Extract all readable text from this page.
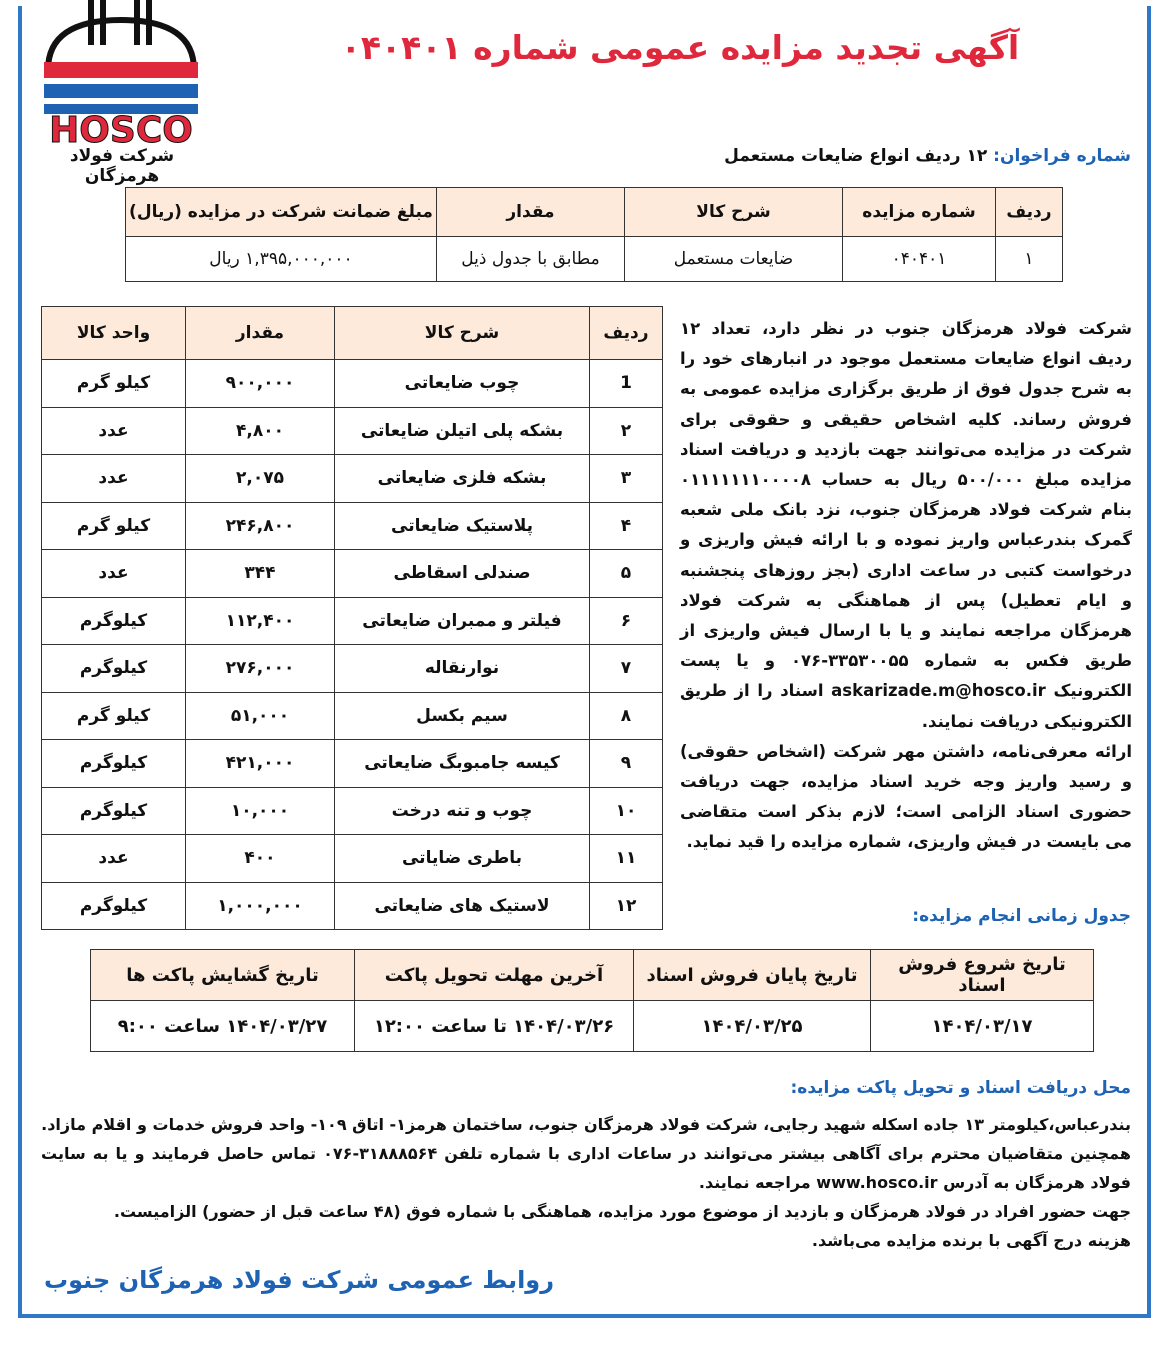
HOSCO
شرکت فولاد هرمزگان
آگهی تجدید مزایده عمومی شماره ۰۴۰۴۰۱
شماره فراخوان: ۱۲ ردیف انواع ضایعات مستعمل
ردیف	شماره مزایده	شرح کالا	مقدار	مبلغ ضمانت شرکت در مزایده (ریال)
۱	۰۴۰۴۰۱	ضایعات مستعمل	مطابق با جدول ذیل	۱,۳۹۵,۰۰۰,۰۰۰ ریال
ردیف	شرح کالا	مقدار	واحد کالا
1	چوب ضایعاتی	۹۰۰,۰۰۰	کیلو گرم
۲	بشکه پلی اتیلن ضایعاتی	۴,۸۰۰	عدد
۳	بشکه فلزی ضایعاتی	۲,۰۷۵	عدد
۴	پلاستیک ضایعاتی	۲۴۶,۸۰۰	کیلو گرم
۵	صندلی اسقاطی	۳۴۴	عدد
۶	فیلتر و ممبران ضایعاتی	۱۱۲,۴۰۰	کیلوگرم
۷	نوارنقاله	۲۷۶,۰۰۰	کیلوگرم
۸	سیم بکسل	۵۱,۰۰۰	کیلو گرم
۹	کیسه جامبوبگ ضایعاتی	۴۲۱,۰۰۰	کیلوگرم
۱۰	چوب و تنه درخت	۱۰,۰۰۰	کیلوگرم
۱۱	باطری ضایاتی	۴۰۰	عدد
۱۲	لاستیک های ضایعاتی	۱,۰۰۰,۰۰۰	کیلوگرم
شرکت فولاد هرمزگان جنوب در نظر دارد، تعداد ۱۲ ردیف انواع ضایعات مستعمل موجود در انبارهای خود را به شرح جدول فوق از طریق برگزاری مزایده عمومی به فروش رساند. کلیه اشخاص حقیقی و حقوقی برای شرکت در مزایده می‌توانند جهت بازدید و دریافت اسناد مزایده مبلغ ۵۰۰/۰۰۰ ریال به حساب ۰۱۱۱۱۱۱۱۰۰۰۰۸ بنام شرکت فولاد هرمزگان جنوب، نزد بانک ملی شعبه گمرک بندرعباس واریز نموده و با ارائه فیش واریزی و درخواست کتبی در ساعت اداری (بجز روزهای پنجشنبه و ایام تعطیل) پس از هماهنگی به شرکت فولاد هرمزگان مراجعه نمایند و یا با ارسال فیش واریزی از طریق فکس به شماره ۳۳۵۳۰۰۵۵-۰۷۶ و یا پست الکترونیک askarizade.m@hosco.ir اسناد را از طریق الکترونیکی دریافت نمایند.
ارائه معرفی‌نامه، داشتن مهر شرکت (اشخاص حقوقی) و رسید واریز وجه خرید اسناد مزایده، جهت دریافت حضوری اسناد الزامی است؛ لازم بذکر است متقاضی می بایست در فیش واریزی، شماره مزایده را قید نماید.
جدول زمانی انجام مزایده:
تاریخ شروع فروش اسناد	تاریخ پایان فروش اسناد	آخرین مهلت تحویل پاکت	تاریخ گشایش پاکت ها
۱۴۰۴/۰۳/۱۷	۱۴۰۴/۰۳/۲۵	۱۴۰۴/۰۳/۲۶ تا ساعت ۱۲:۰۰	۱۴۰۴/۰۳/۲۷ ساعت ۹:۰۰
محل دریافت اسناد و تحویل پاکت مزایده:

بندرعباس،کیلومتر ۱۳ جاده اسکله شهید رجایی، شرکت فولاد هرمزگان جنوب، ساختمان هرمز۱- اتاق ۱۰۹- واحد فروش خدمات و اقلام مازاد.

همچنین متقاضیان محترم برای آگاهی بیشتر می‌توانند در ساعات اداری با شماره تلفن ۳۱۸۸۸۵۶۴-۰۷۶ تماس حاصل فرمایند و یا به سایت فولاد هرمزگان به آدرس www.hosco.ir مراجعه نمایند.

جهت حضور افراد در فولاد هرمزگان و بازدید از موضوع مورد مزایده، هماهنگی با شماره فوق (۴۸ ساعت قبل از حضور) الزامیست.

هزینه درج آگهی با برنده مزایده می‌باشد.

روابط عمومی شرکت فولاد هرمزگان جنوب
